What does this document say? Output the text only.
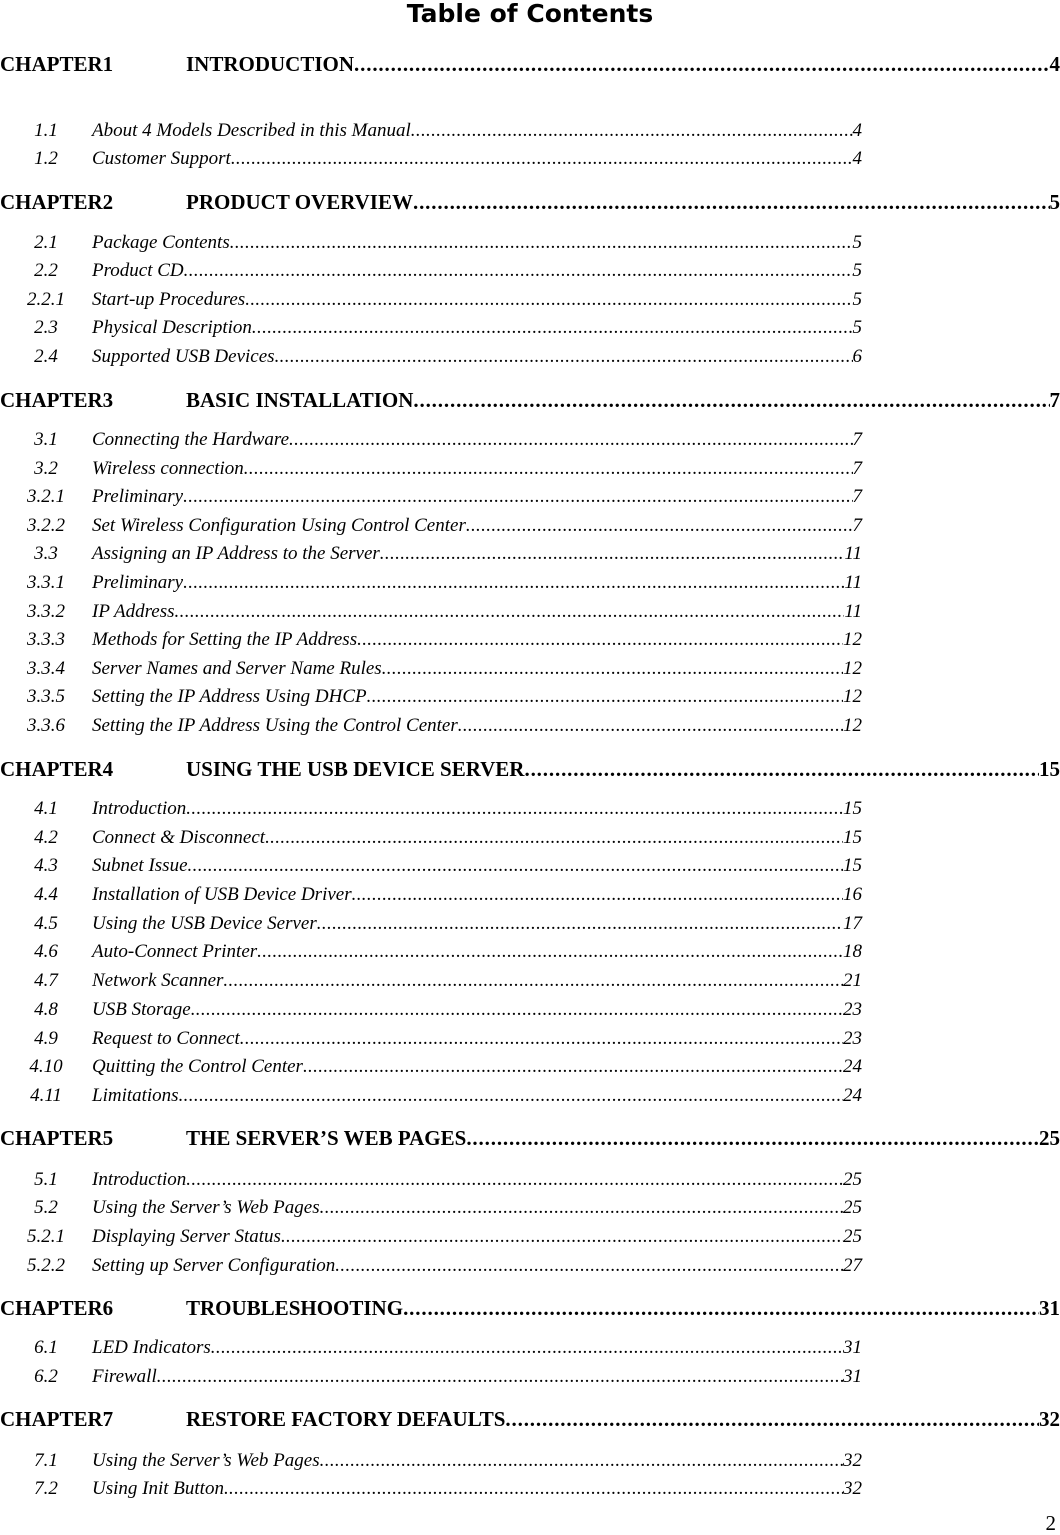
Table of Contents
CHAPTER1	INTRODUCTION . . .	4
1.1	About 4 Models Described in this Manual . . .	4
1.2	Customer Support . . .	4
CHAPTER2	PRODUCT OVERVIEW . . .	5
2.1	Package Contents . . .	5
2.2	Product CD . . .	5
2.2.1	Start-up Procedures . . .	5
2.3	Physical Description . . .	5
2.4	Supported USB Devices . . .	6
CHAPTER3	BASIC INSTALLATION . . .	7
3.1	Connecting the Hardware . . .	7
3.2	Wireless connection . . .	7
3.2.1	Preliminary . . .	7
3.2.2	Set Wireless Configuration Using Control Center . . .	7
3.3	Assigning an IP Address to the Server . . .	11
3.3.1	Preliminary . . .	11
3.3.2	IP Address . . .	11
3.3.3	Methods for Setting the IP Address . . .	12
3.3.4	Server Names and Server Name Rules . . .	12
3.3.5	Setting the IP Address Using DHCP . . .	12
3.3.6	Setting the IP Address Using the Control Center . . .	12
CHAPTER4	USING THE USB DEVICE SERVER . . .	15
4.1	Introduction . . .	15
4.2	Connect & Disconnect . . .	15
4.3	Subnet Issue . . .	15
4.4	Installation of USB Device Driver . . .	16
4.5	Using the USB Device Server . . .	17
4.6	Auto-Connect Printer . . .	18
4.7	Network Scanner . . .	21
4.8	USB Storage . . .	23
4.9	Request to Connect . . .	23
4.10	Quitting the Control Center . . .	24
4.11	Limitations . . .	24
CHAPTER5	THE SERVER’S WEB PAGES . . .	25
5.1	Introduction . . .	25
5.2	Using the Server’s Web Pages . . .	25
5.2.1	Displaying Server Status . . .	25
5.2.2	Setting up Server Configuration . . .	27
CHAPTER6	TROUBLESHOOTING . . .	31
6.1	LED Indicators . . .	31
6.2	Firewall . . .	31
CHAPTER7	RESTORE FACTORY DEFAULTS . . .	32
7.1	Using the Server’s Web Pages . . .	32
7.2	Using Init Button . . .	32
2
